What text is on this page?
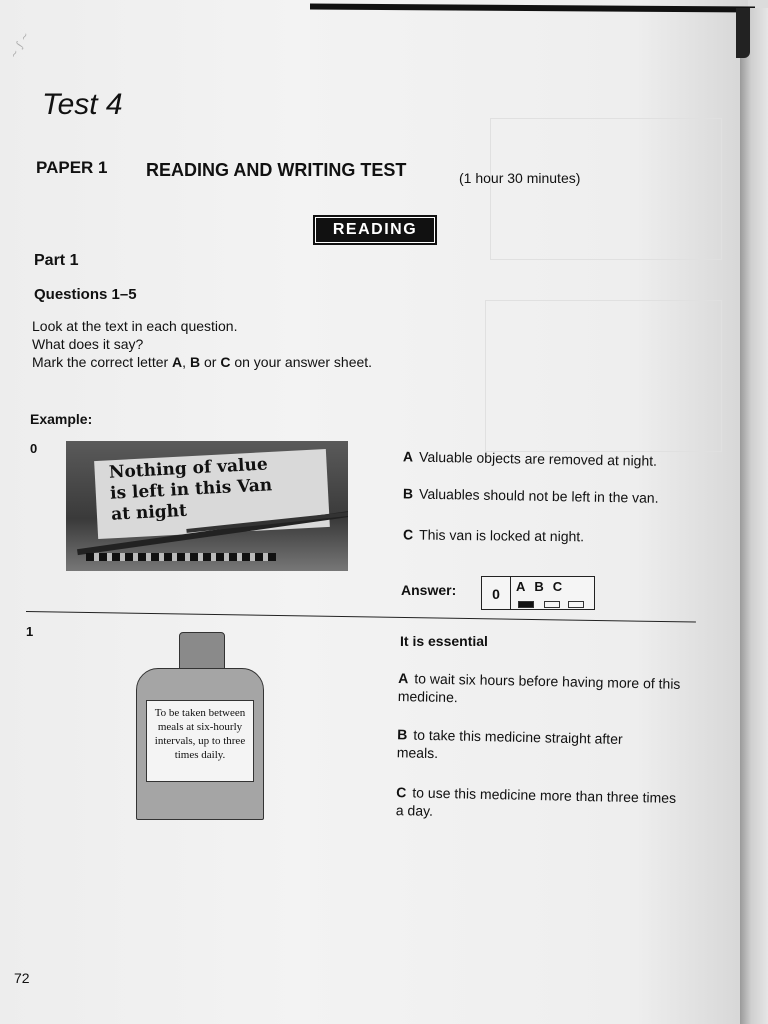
~ ∫ ~
Test 4
PAPER 1 READING AND WRITING TEST	(1 hour 30 minutes)
READING
Part 1
Questions 1–5
Look at the text in each question.
What does it say?
Mark the correct letter A, B or C on your answer sheet.
Example:
0
Nothing of value
is left in this Van
at night
A Valuable objects are removed at night.
B Valuables should not be left in the van.
C This van is locked at night.
Answer:	0	ABC
1
To be taken between meals at six-hourly intervals, up to three times daily.
It is essential
A to wait six hours before having more of this medicine.
B to take this medicine straight after meals.
C to use this medicine more than three times a day.
72
